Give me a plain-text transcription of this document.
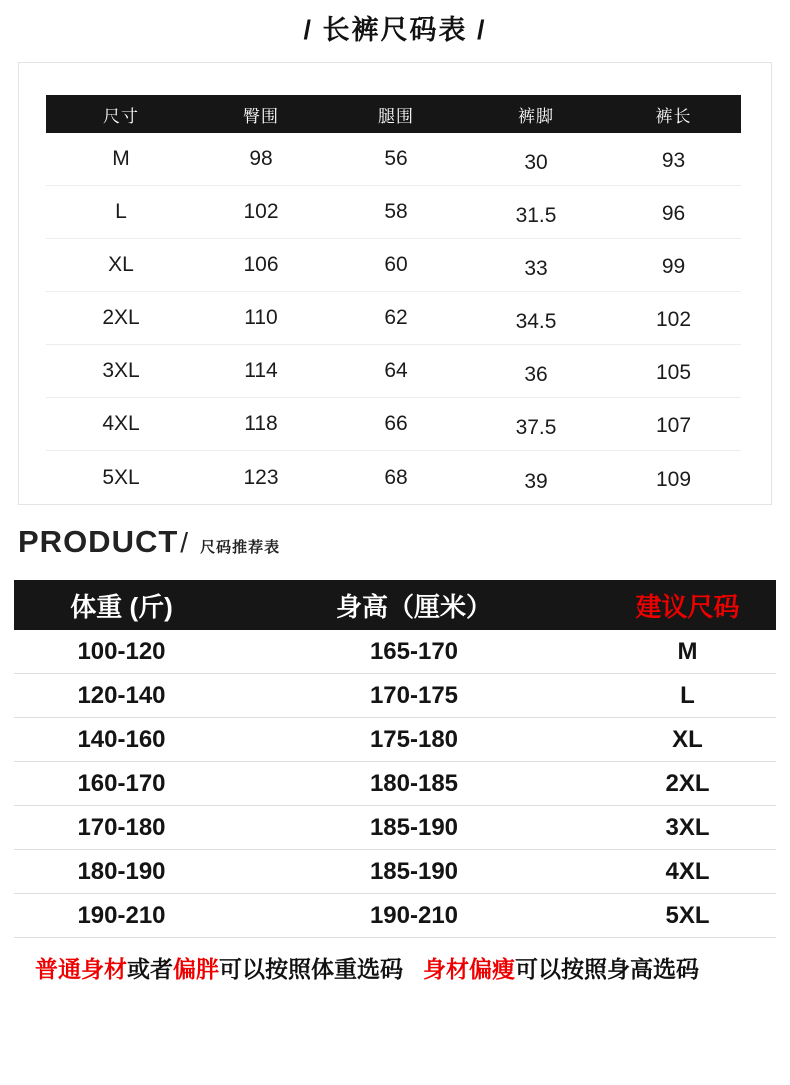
/ 长裤尺码表 /
尺寸	臀围	腿围	裤脚	裤长
M	98	56	30	93
L	102	58	31.5	96
XL	106	60	33	99
2XL	110	62	34.5	102
3XL	114	64	36	105
4XL	118	66	37.5	107
5XL	123	68	39	109
PRODUCT / 尺码推荐表
体重 (斤)	身高（厘米）	建议尺码
100-120	165-170	M
120-140	170-175	L
140-160	175-180	XL
160-170	180-185	2XL
170-180	185-190	3XL
180-190	185-190	4XL
190-210	190-210	5XL

普通身材或者偏胖可以按照体重选码 身材偏瘦可以按照身高选码
